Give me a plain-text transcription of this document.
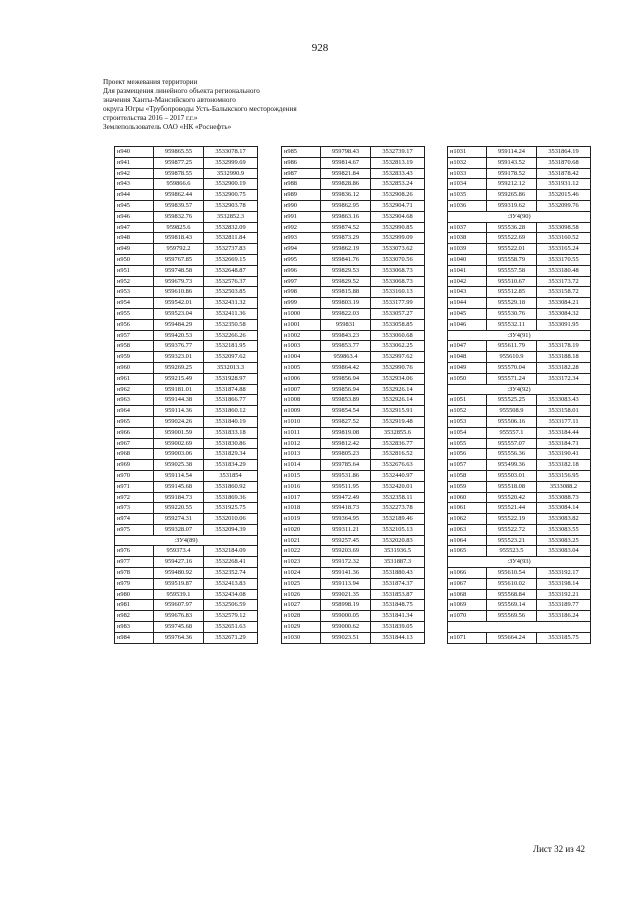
928
Проект межевания территории
Для размещения линейного объекта регионального
значения Ханты-Мансийского автономного
округа Югры «Трубопроводы Усть-Балыкского месторождения
строительства 2016 – 2017 г.г.»
Землепользователь ОАО «НК «Роснефть»
н940	959865.55	3533078.17
н941	959877.25	3532999.69
н942	959878.55	3532990.9
н943	959866.6	3532900.19
н944	959862.44	3532900.75
н945	959839.57	3532903.78
н946	959832.76	3532852.3
н947	959825.6	3532832.09
н948	959818.43	3532811.84
н949	959792.2	3532737.83
н950	959767.85	3532669.15
н951	959748.58	3532648.87
н952	959679.73	3532576.37
н953	959610.86	3532503.85
н954	959542.01	3532431.32
н955	959523.04	3532411.36
н956	959484.29	3532350.58
н957	959420.53	3532266.26
н958	959376.77	3532181.95
н959	959323.01	3532097.62
н960	959269.25	3532013.3
н961	959215.49	3531928.97
н962	959181.01	3531874.88
н963	959144.38	3531866.77
н964	959114.36	3531860.12
н965	959024.26	3531840.19
н966	959001.59	3531833.18
н967	959002.69	3531830.86
н968	959003.06	3531829.34
н969	959025.38	3531834.29
н970	959114.54	3531854
н971	959145.68	3531860.92
н972	959184.73	3531869.36
н973	959220.55	3531925.75
н974	959274.31	3532010.06
н975	959328.07	3532094.39
:ЗУ4(89)		
н976	959373.4	3532184.09
н977	959427.16	3532268.41
н978	959480.92	3532352.74
н979	959519.87	3532413.83
н980	959539.1	3532434.08
н981	959607.97	3532506.59
н982	959676.83	3532579.12
н983	959745.68	3532651.63
н984	959764.36	3532671.29
н985	959798.43	3532739.17
н986	959814.67	3532813.19
н987	959821.84	3532833.43
н988	959828.86	3532853.24
н989	959836.12	3532908.26
н990	959862.95	3532904.71
н991	959863.16	3532904.68
н992	959874.52	3532990.85
н993	959873.29	3532999.09
н994	959862.19	3533073.62
н995	959841.76	3533070.56
н996	959829.53	3533068.73
н997	959829.52	3533068.73
н998	959815.88	3533160.13
н999	959803.19	3533177.99
н1000	959822.03	3533057.27
н1001	959831	3533058.85
н1002	959843.23	3533060.68
н1003	959853.77	3533062.25
н1004	959863.4	3532997.62
н1005	959864.42	3532990.76
н1006	959856.94	3532934.06
н1007	959856.94	3532926.14
н1008	959853.89	3532926.14
н1009	959854.54	3532915.91
н1010	959827.52	3532919.48
н1011	959819.08	3532855.6
н1012	959812.42	3532836.77
н1013	959805.23	3532816.52
н1014	959785.64	3532676.63
н1015	959531.86	3532440.97
н1016	959511.95	3532420.01
н1017	959472.49	3532358.11
н1018	959418.73	3532273.78
н1019	959364.95	3532189.46
н1020	959311.21	3532105.13
н1021	959257.45	3532020.83
н1022	959203.69	3531936.5
н1023	959172.32	3531887.3
н1024	959141.36	3531880.43
н1025	959113.94	3531874.37
н1026	959021.35	3531853.87
н1027	958998.19	3531848.75
н1028	959000.05	3531841.34
н1029	959000.62	3531839.05
н1030	959023.51	3531844.13
н1031	959114.24	3531864.19
н1032	959143.52	3531870.68
н1033	959178.52	3531878.42
н1034	959212.12	3531931.12
н1035	959265.86	3532015.46
н1036	959319.62	3532099.76
:ЗУ4(90)		
н1037	955536.28	3533098.58
н1038	955522.69	3533160.52
н1039	955522.01	3533165.24
н1040	955558.79	3533170.55
н1041	955557.58	3533180.48
н1042	955510.67	3533173.72
н1043	955512.85	3533158.72
н1044	955529.18	3533084.21
н1045	955530.76	3533084.32
н1046	955532.11	3533091.95
:ЗУ4(91)		
н1047	955611.79	3533178.19
н1048	955610.9	3533188.18
н1049	955570.04	3533182.28
н1050	955571.24	3533172.34
:ЗУ4(92)		
н1051	955525.25	3533083.43
н1052	955508.9	3533158.01
н1053	955506.16	3533177.11
н1054	955557.1	3533184.44
н1055	955557.07	3533184.71
н1056	955556.36	3533190.41
н1057	955499.36	3533182.18
н1058	955503.01	3533156.95
н1059	955518.08	3533088.2
н1060	955520.42	3533088.73
н1061	955521.44	3533084.14
н1062	955522.19	3533083.82
н1063	955522.72	3533083.55
н1064	955523.21	3533083.25
н1065	955523.5	3533083.04
:ЗУ4(93)		
н1066	955610.54	3533192.17
н1067	955610.02	3533198.14
н1068	955568.84	3533192.21
н1069	955569.14	3533189.77
н1070	955569.56	3533186.24

н1071	955664.24	3533185.75
Лист 32 из 42
